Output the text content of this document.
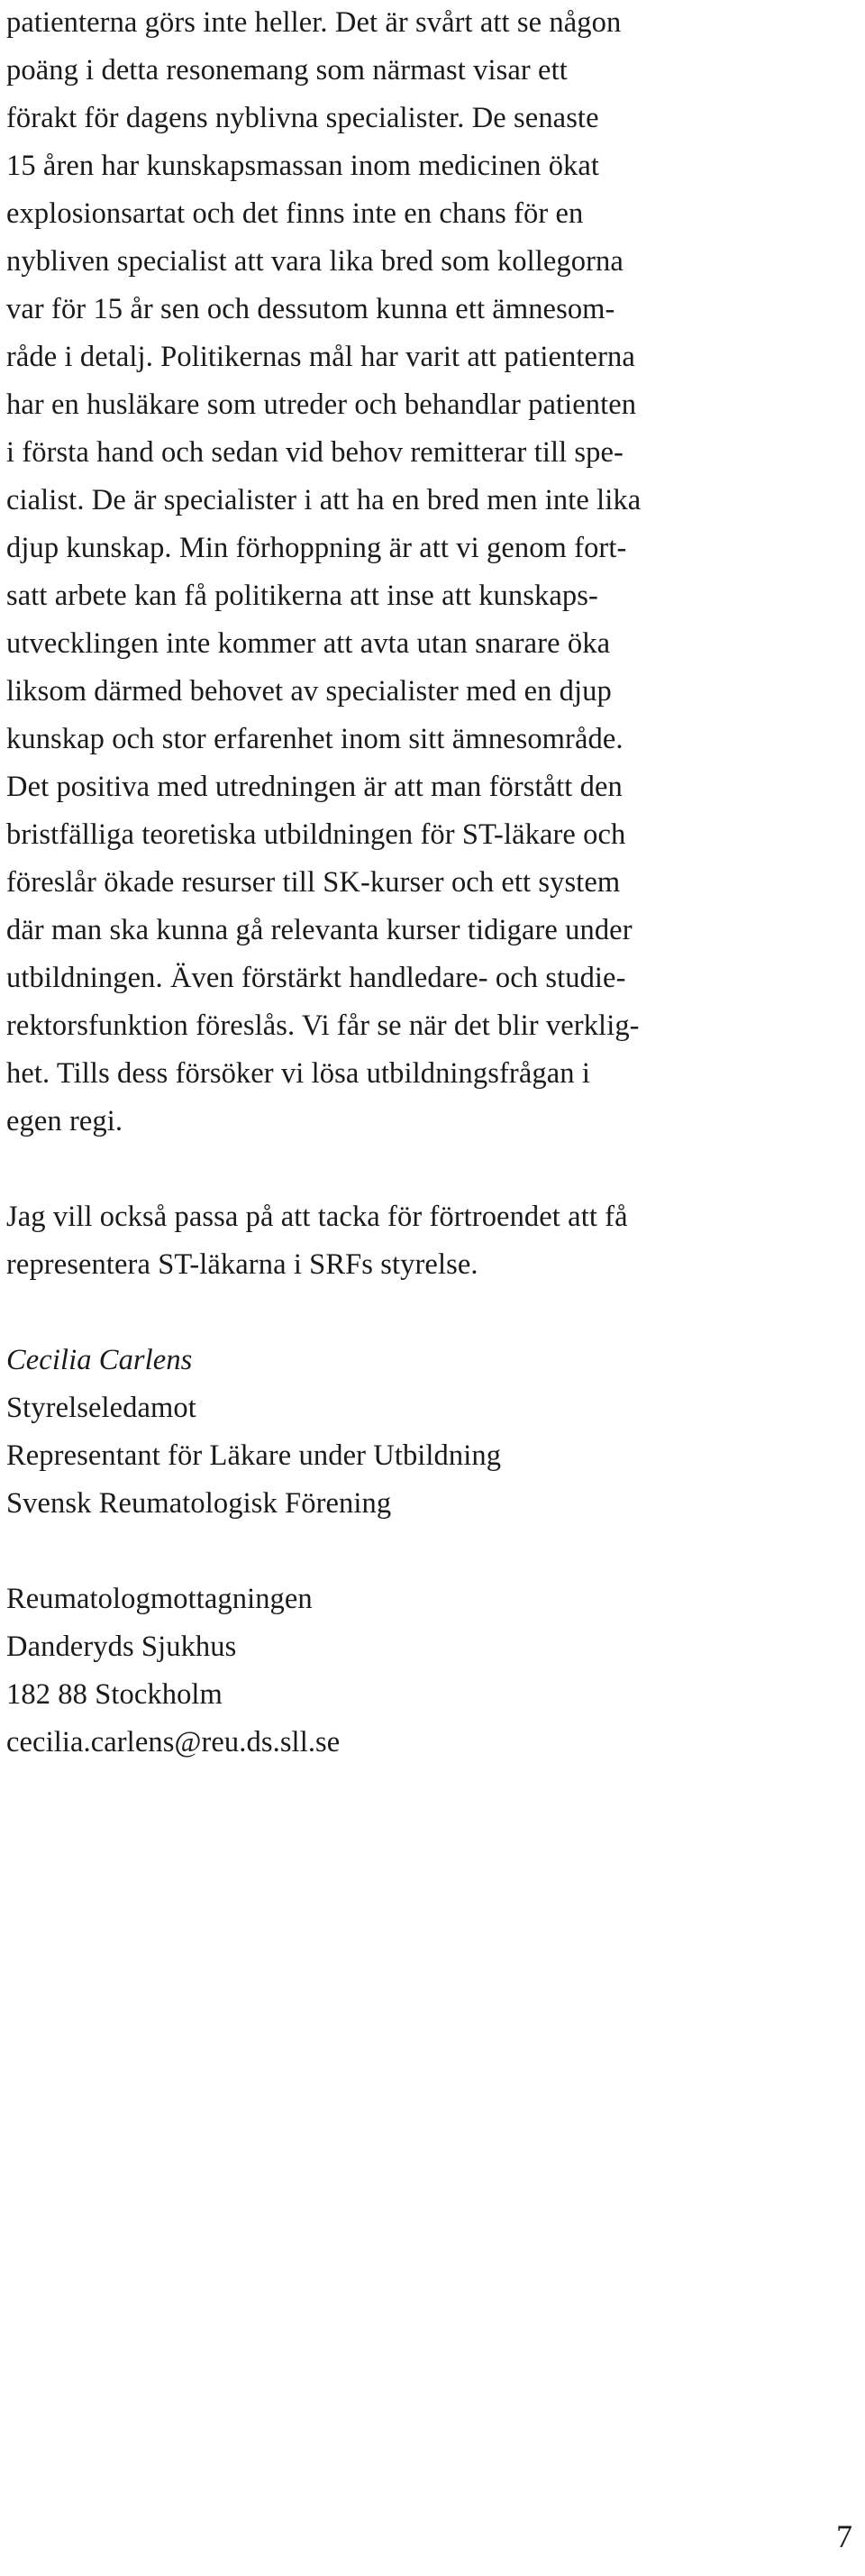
patienterna görs inte heller. Det är svårt att se någon
poäng i detta resonemang som närmast visar ett
förakt för dagens nyblivna specialister. De senaste
15 åren har kunskapsmassan inom medicinen ökat
explosionsartat och det finns inte en chans för en
nybliven specialist att vara lika bred som kollegorna
var för 15 år sen och dessutom kunna ett ämnesom-
råde i detalj. Politikernas mål har varit att patienterna
har en husläkare som utreder och behandlar patienten
i första hand och sedan vid behov remitterar till spe-
cialist. De är specialister i att ha en bred men inte lika
djup kunskap. Min förhoppning är att vi genom fort-
satt arbete kan få politikerna att inse att kunskaps-
utvecklingen inte kommer att avta utan snarare öka
liksom därmed behovet av specialister med en djup
kunskap och stor erfarenhet inom sitt ämnesområde.
Det positiva med utredningen är att man förstått den
bristfälliga teoretiska utbildningen för ST-läkare och
föreslår ökade resurser till SK-kurser och ett system
där man ska kunna gå relevanta kurser tidigare under
utbildningen. Även förstärkt handledare- och studie-
rektorsfunktion föreslås. Vi får se när det blir verklig-
het. Tills dess försöker vi lösa utbildningsfrågan i
egen regi.
Jag vill också passa på att tacka för förtroendet att få
representera ST-läkarna i SRFs styrelse.
Cecilia Carlens
Styrelseledamot
Representant för Läkare under Utbildning
Svensk Reumatologisk Förening
Reumatologmottagningen
Danderyds Sjukhus
182 88 Stockholm
cecilia.carlens@reu.ds.sll.se
7
